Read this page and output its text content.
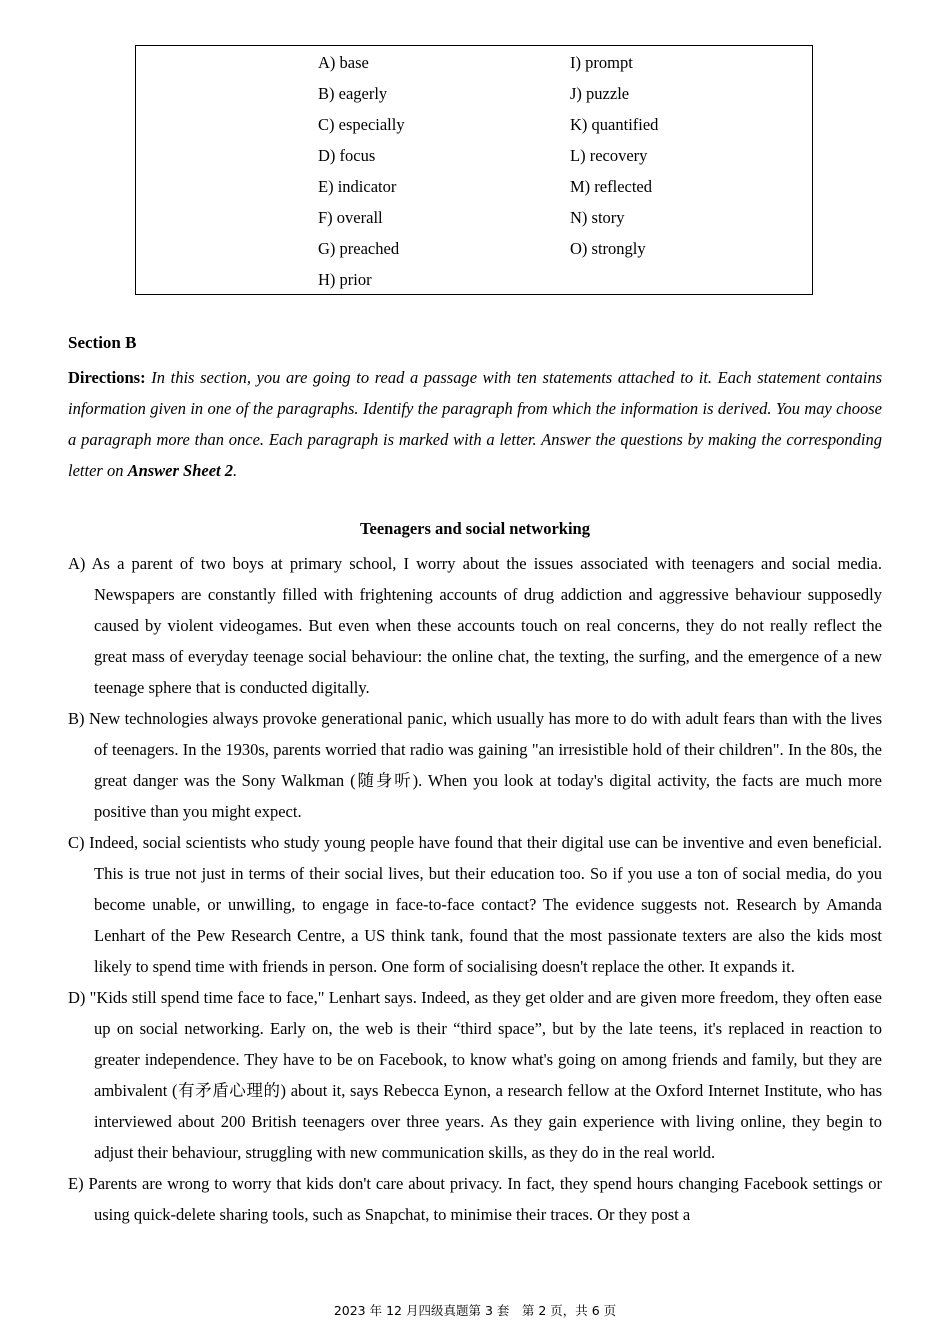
A) base
B) eagerly
C) especially
D) focus
E) indicator
F) overall
G) preached
H) prior
I) prompt
J) puzzle
K) quantified
L) recovery
M) reflected
N) story
O) strongly
Section B
Directions: In this section, you are going to read a passage with ten statements attached to it. Each statement contains information given in one of the paragraphs. Identify the paragraph from which the information is derived. You may choose a paragraph more than once. Each paragraph is marked with a letter. Answer the questions by making the corresponding letter on Answer Sheet 2.
Teenagers and social networking

A) As a parent of two boys at primary school, I worry about the issues associated with teenagers and social media. Newspapers are constantly filled with frightening accounts of drug addiction and aggressive behaviour supposedly caused by violent videogames. But even when these accounts touch on real concerns, they do not really reflect the great mass of everyday teenage social behaviour: the online chat, the texting, the surfing, and the emergence of a new teenage sphere that is conducted digitally.

B) New technologies always provoke generational panic, which usually has more to do with adult fears than with the lives of teenagers. In the 1930s, parents worried that radio was gaining "an irresistible hold of their children". In the 80s, the great danger was the Sony Walkman (随身听). When you look at today's digital activity, the facts are much more positive than you might expect.

C) Indeed, social scientists who study young people have found that their digital use can be inventive and even beneficial. This is true not just in terms of their social lives, but their education too. So if you use a ton of social media, do you become unable, or unwilling, to engage in face-to-face contact? The evidence suggests not. Research by Amanda Lenhart of the Pew Research Centre, a US think tank, found that the most passionate texters are also the kids most likely to spend time with friends in person. One form of socialising doesn't replace the other. It expands it.

D) "Kids still spend time face to face," Lenhart says. Indeed, as they get older and are given more freedom, they often ease up on social networking. Early on, the web is their “third space”, but by the late teens, it's replaced in reaction to greater independence. They have to be on Facebook, to know what's going on among friends and family, but they are ambivalent (有矛盾心理的) about it, says Rebecca Eynon, a research fellow at the Oxford Internet Institute, who has interviewed about 200 British teenagers over three years. As they gain experience with living online, they begin to adjust their behaviour, struggling with new communication skills, as they do in the real world.

E) Parents are wrong to worry that kids don't care about privacy. In fact, they spend hours changing Facebook settings or using quick-delete sharing tools, such as Snapchat, to minimise their traces. Or they post a

2023 年 12 月四级真题第 3 套　第 2 页，共 6 页
